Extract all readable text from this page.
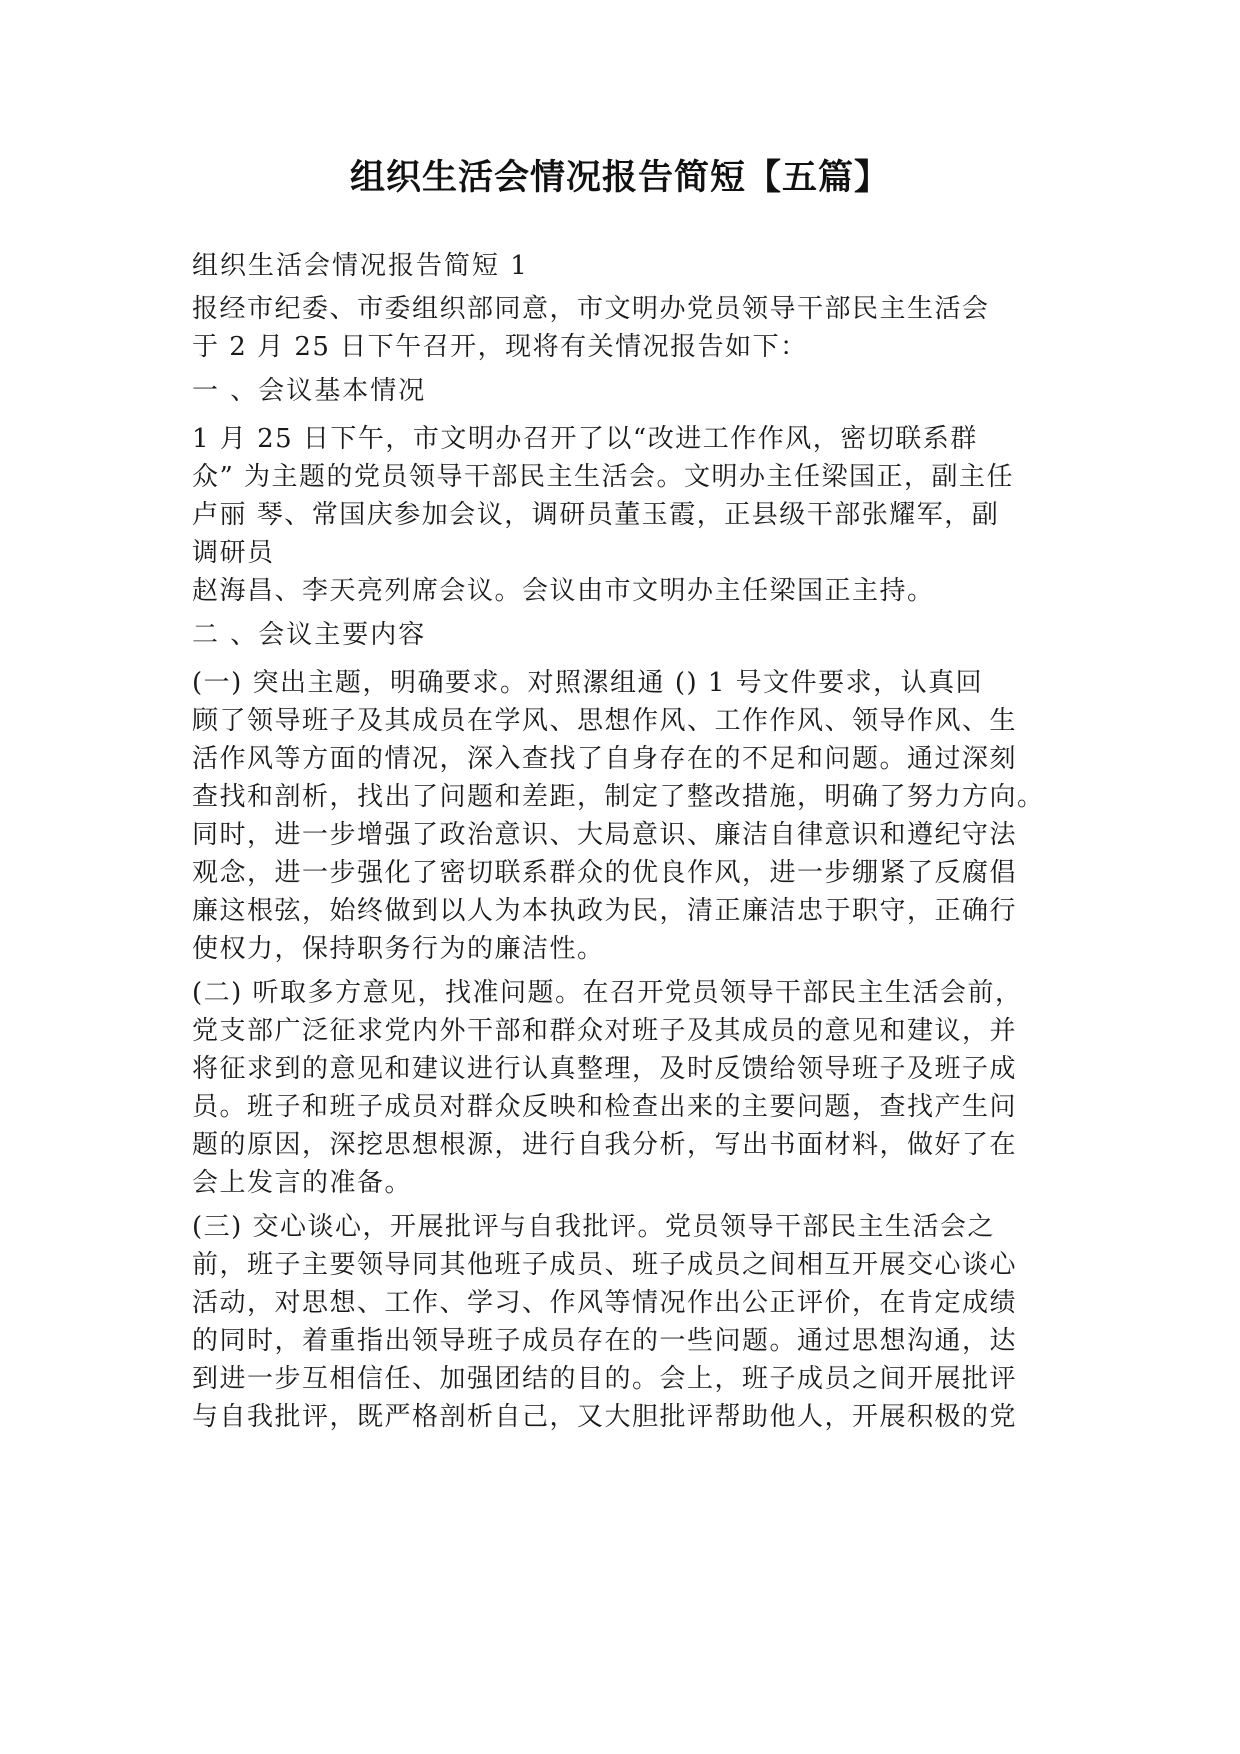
组织生活会情况报告简短【五篇】

组织生活会情况报告简短 1

报经市纪委、市委组织部同意，市文明办党员领导干部民主生活会
于 2 月 25 日下午召开，现将有关情况报告如下：

一 、会议基本情况

1 月 25 日下午，市文明办召开了以“改进工作作风，密切联系群
众” 为主题的党员领导干部民主生活会。文明办主任梁国正，副主任
卢丽 琴、常国庆参加会议，调研员董玉霞，正县级干部张耀军，副
调研员
赵海昌、李天亮列席会议。会议由市文明办主任梁国正主持。

二 、会议主要内容

(一) 突出主题，明确要求。对照漯组通 () 1 号文件要求，认真回
顾了领导班子及其成员在学风、思想作风、工作作风、领导作风、生
活作风等方面的情况，深入查找了自身存在的不足和问题。通过深刻
查找和剖析，找出了问题和差距，制定了整改措施，明确了努力方向。
同时，进一步增强了政治意识、大局意识、廉洁自律意识和遵纪守法
观念，进一步强化了密切联系群众的优良作风，进一步绷紧了反腐倡
廉这根弦，始终做到以人为本执政为民，清正廉洁忠于职守，正确行
使权力，保持职务行为的廉洁性。

(二) 听取多方意见，找准问题。在召开党员领导干部民主生活会前，
党支部广泛征求党内外干部和群众对班子及其成员的意见和建议，并
将征求到的意见和建议进行认真整理，及时反馈给领导班子及班子成
员。班子和班子成员对群众反映和检查出来的主要问题，查找产生问
题的原因，深挖思想根源，进行自我分析，写出书面材料，做好了在
会上发言的准备。

(三) 交心谈心，开展批评与自我批评。党员领导干部民主生活会之
前，班子主要领导同其他班子成员、班子成员之间相互开展交心谈心
活动，对思想、工作、学习、作风等情况作出公正评价，在肯定成绩
的同时，着重指出领导班子成员存在的一些问题。通过思想沟通，达
到进一步互相信任、加强团结的目的。会上，班子成员之间开展批评
与自我批评，既严格剖析自己，又大胆批评帮助他人，开展积极的党
